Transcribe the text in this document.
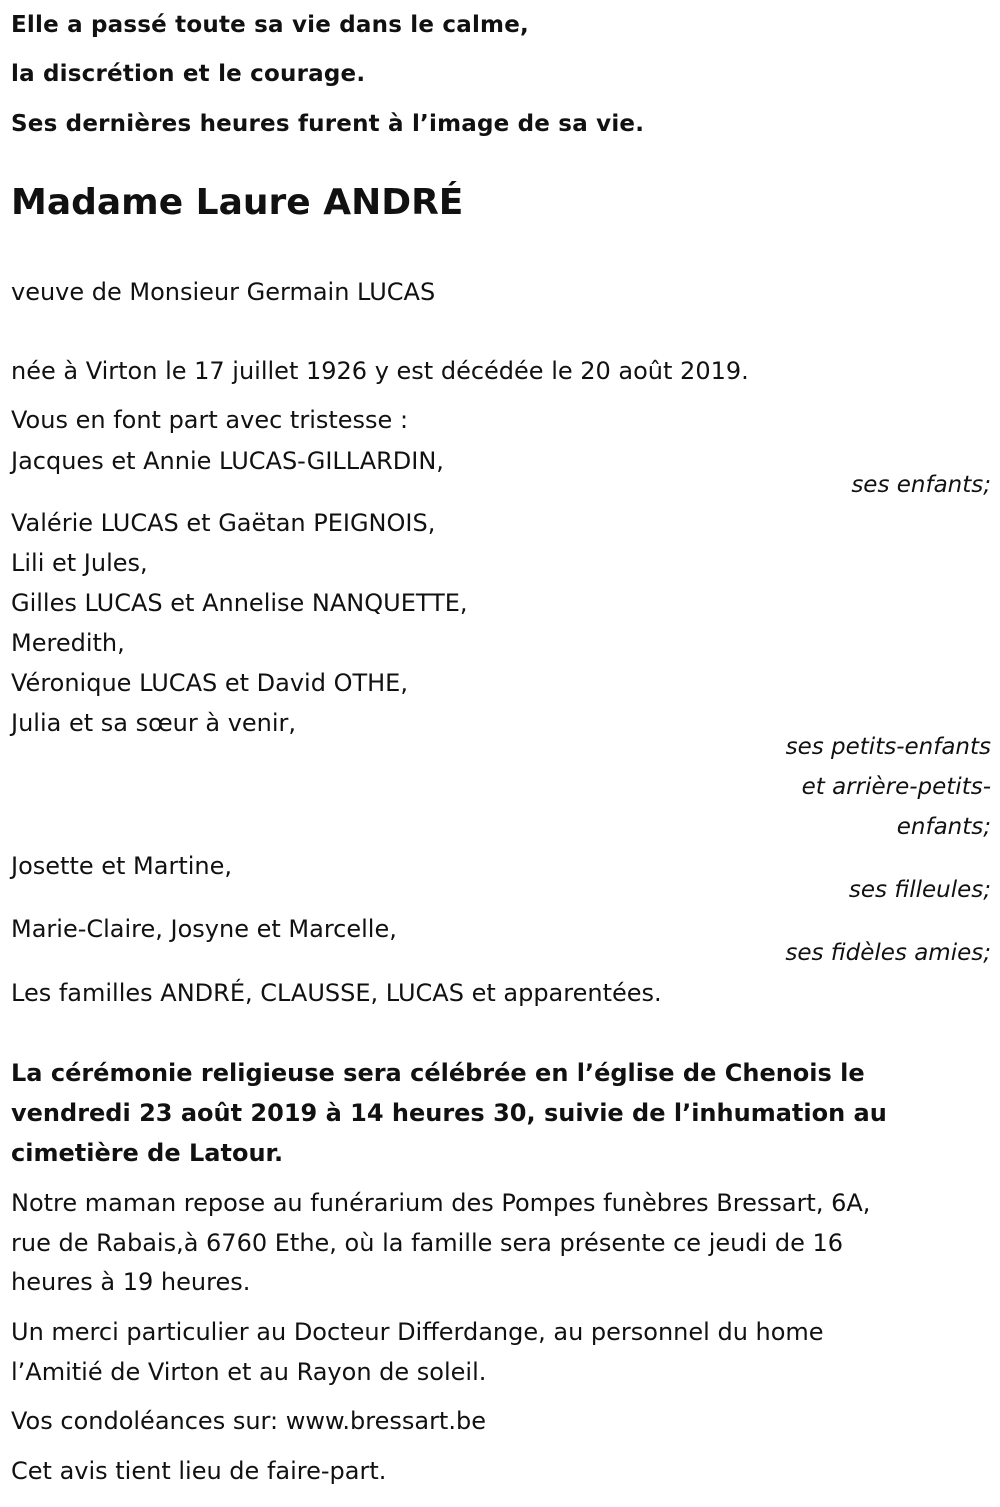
Elle a passé toute sa vie dans le calme,
la discrétion et le courage.
Ses dernières heures furent à l’image de sa vie.
Madame Laure ANDRÉ
veuve de Monsieur Germain LUCAS
née à Virton le 17 juillet 1926 y est décédée le 20 août 2019.
Vous en font part avec tristesse :
Jacques et Annie LUCAS-GILLARDIN,
ses enfants;
Valérie LUCAS et Gaëtan PEIGNOIS,
Lili et Jules,
Gilles LUCAS et Annelise NANQUETTE,
Meredith,
Véronique LUCAS et David OTHE,
Julia et sa sœur à venir,
ses petits-enfants
et arrière-petits-
enfants;
Josette et Martine,
ses filleules;
Marie-Claire, Josyne et Marcelle,
ses fidèles amies;
Les familles ANDRÉ, CLAUSSE, LUCAS et apparentées.
La cérémonie religieuse sera célébrée en l’église de Chenois le
vendredi 23 août 2019 à 14 heures 30, suivie de l’inhumation au
cimetière de Latour.
Notre maman repose au funérarium des Pompes funèbres Bressart, 6A,
rue de Rabais,à 6760 Ethe, où la famille sera présente ce jeudi de 16
heures à 19 heures.
Un merci particulier au Docteur Differdange, au personnel du home
l’Amitié de Virton et au Rayon de soleil.
Vos condoléances sur: www.bressart.be
Cet avis tient lieu de faire-part.
